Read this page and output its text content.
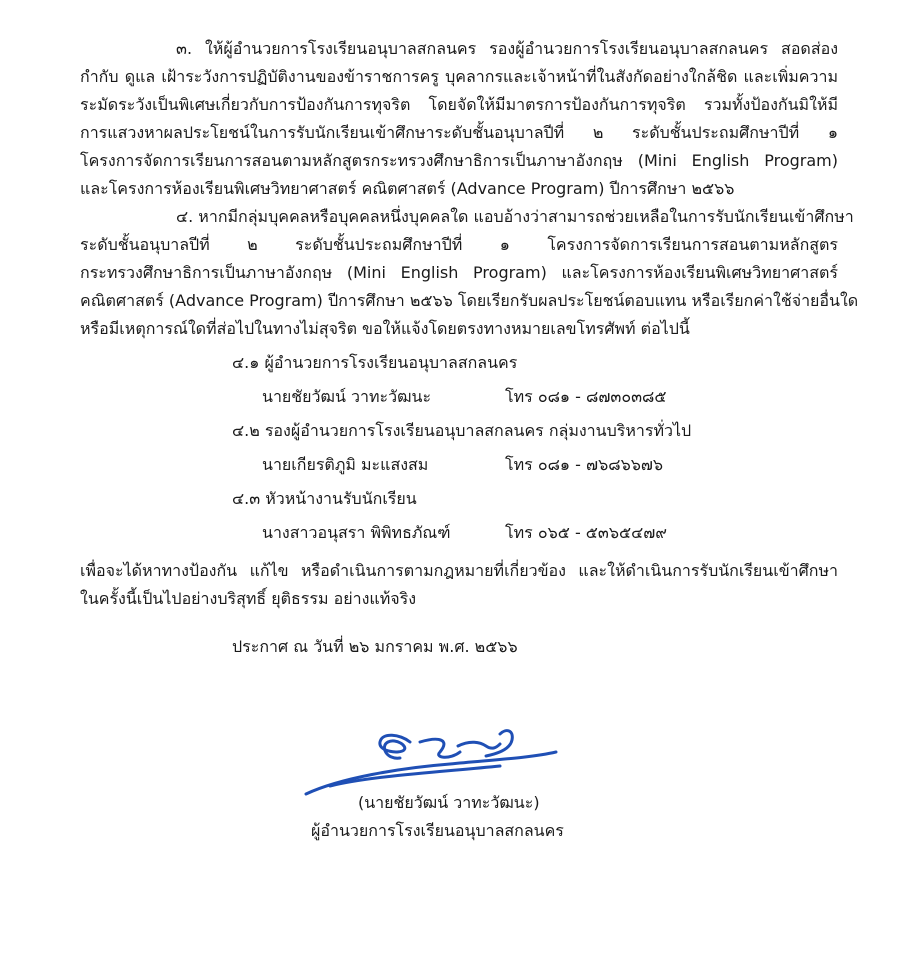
๓. ให้ผู้อำนวยการโรงเรียนอนุบาลสกลนคร รองผู้อำนวยการโรงเรียนอนุบาลสกลนคร สอดส่อง
กำกับ ดูแล เฝ้าระวังการปฏิบัติงานของข้าราชการครู บุคลากรและเจ้าหน้าที่ในสังกัดอย่างใกล้ชิด และเพิ่มความ
ระมัดระวังเป็นพิเศษเกี่ยวกับการป้องกันการทุจริต โดยจัดให้มีมาตรการป้องกันการทุจริต รวมทั้งป้องกันมิให้มี
การแสวงหาผลประโยชน์ในการรับนักเรียนเข้าศึกษาระดับชั้นอนุบาลปีที่ ๒ ระดับชั้นประถมศึกษาปีที่ ๑
โครงการจัดการเรียนการสอนตามหลักสูตรกระทรวงศึกษาธิการเป็นภาษาอังกฤษ (Mini English Program)
และโครงการห้องเรียนพิเศษวิทยาศาสตร์ คณิตศาสตร์ (Advance Program) ปีการศึกษา ๒๕๖๖
๔. หากมีกลุ่มบุคคลหรือบุคคลหนึ่งบุคคลใด แอบอ้างว่าสามารถช่วยเหลือในการรับนักเรียนเข้าศึกษา
ระดับชั้นอนุบาลปีที่ ๒ ระดับชั้นประถมศึกษาปีที่ ๑ โครงการจัดการเรียนการสอนตามหลักสูตร
กระทรวงศึกษาธิการเป็นภาษาอังกฤษ (Mini English Program) และโครงการห้องเรียนพิเศษวิทยาศาสตร์
คณิตศาสตร์ (Advance Program) ปีการศึกษา ๒๕๖๖ โดยเรียกรับผลประโยชน์ตอบแทน หรือเรียกค่าใช้จ่ายอื่นใด
หรือมีเหตุการณ์ใดที่ส่อไปในทางไม่สุจริต ขอให้แจ้งโดยตรงทางหมายเลขโทรศัพท์ ต่อไปนี้
๔.๑ ผู้อำนวยการโรงเรียนอนุบาลสกลนคร
นายชัยวัฒน์ วาทะวัฒนะ	โทร ๐๘๑ - ๘๗๓๐๓๘๕
๔.๒ รองผู้อำนวยการโรงเรียนอนุบาลสกลนคร กลุ่มงานบริหารทั่วไป
นายเกียรติภูมิ มะแสงสม	โทร ๐๘๑ - ๗๖๘๖๖๗๖
๔.๓ หัวหน้างานรับนักเรียน
นางสาวอนุสรา พิพิทธภัณฑ์	โทร ๐๖๕ - ๕๓๖๕๔๗๙
เพื่อจะได้หาทางป้องกัน แก้ไข หรือดำเนินการตามกฎหมายที่เกี่ยวข้อง และให้ดำเนินการรับนักเรียนเข้าศึกษา
ในครั้งนี้เป็นไปอย่างบริสุทธิ์ ยุติธรรม อย่างแท้จริง
ประกาศ ณ วันที่ ๒๖ มกราคม พ.ศ. ๒๕๖๖
(นายชัยวัฒน์ วาทะวัฒนะ)
ผู้อำนวยการโรงเรียนอนุบาลสกลนคร
